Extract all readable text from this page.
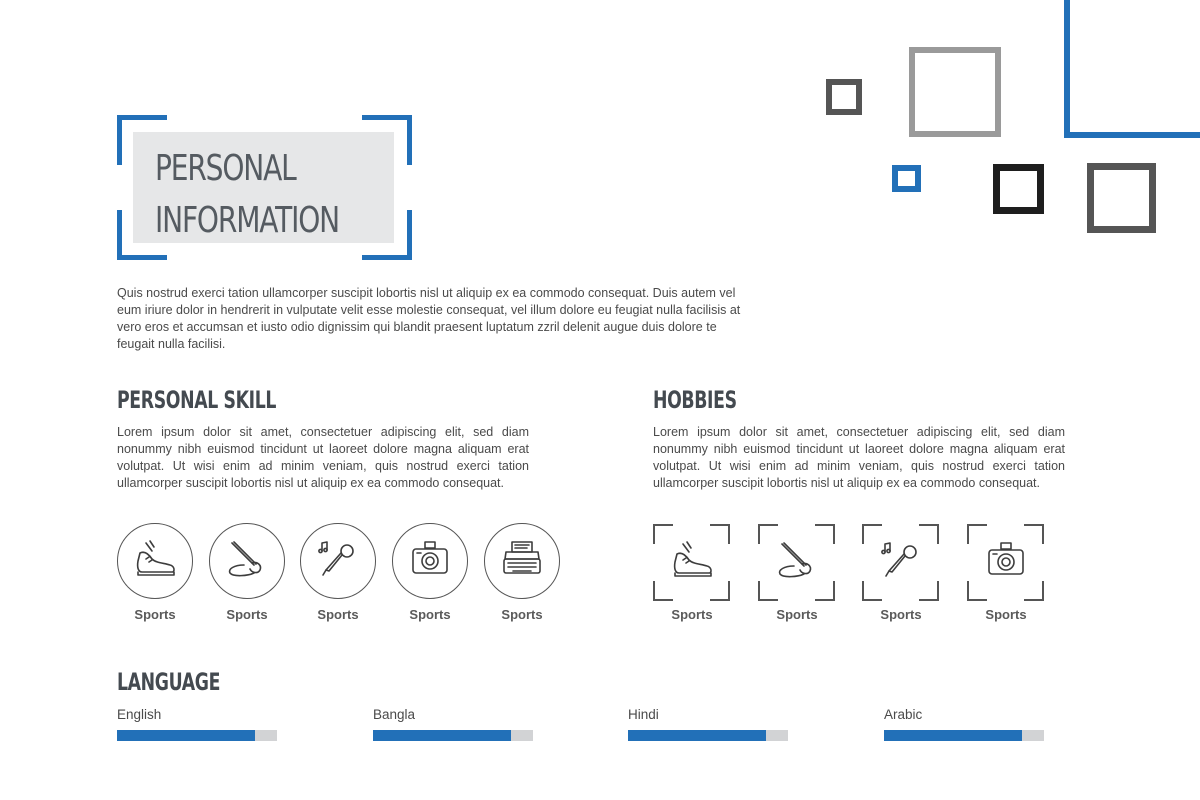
PERSONAL
INFORMATION

Quis nostrud exerci tation ullamcorper suscipit lobortis nisl ut aliquip ex ea commodo consequat. Duis autem vel eum iriure dolor in hendrerit in vulputate velit esse molestie consequat, vel illum dolore eu feugiat nulla facilisis at vero eros et accumsan et iusto odio dignissim qui blandit praesent luptatum zzril delenit augue duis dolore te feugait nulla facilisi.

PERSONAL SKILL

Lorem ipsum dolor sit amet, consectetuer adipiscing elit, sed diam nonummy nibh euismod tincidunt ut laoreet dolore magna aliquam erat volutpat. Ut wisi enim ad minim veniam, quis nostrud exerci tation ullamcorper suscipit lobortis nisl ut aliquip ex ea commodo consequat.

Sports	Sports	Sports	Sports	Sports
HOBBIES

Lorem ipsum dolor sit amet, consectetuer adipiscing elit, sed diam nonummy nibh euismod tincidunt ut laoreet dolore magna aliquam erat volutpat. Ut wisi enim ad minim veniam, quis nostrud exerci tation ullamcorper suscipit lobortis nisl ut aliquip ex ea commodo consequat.

Sports	Sports	Sports	Sports
LANGUAGE
English	Bangla	Hindi	Arabic
